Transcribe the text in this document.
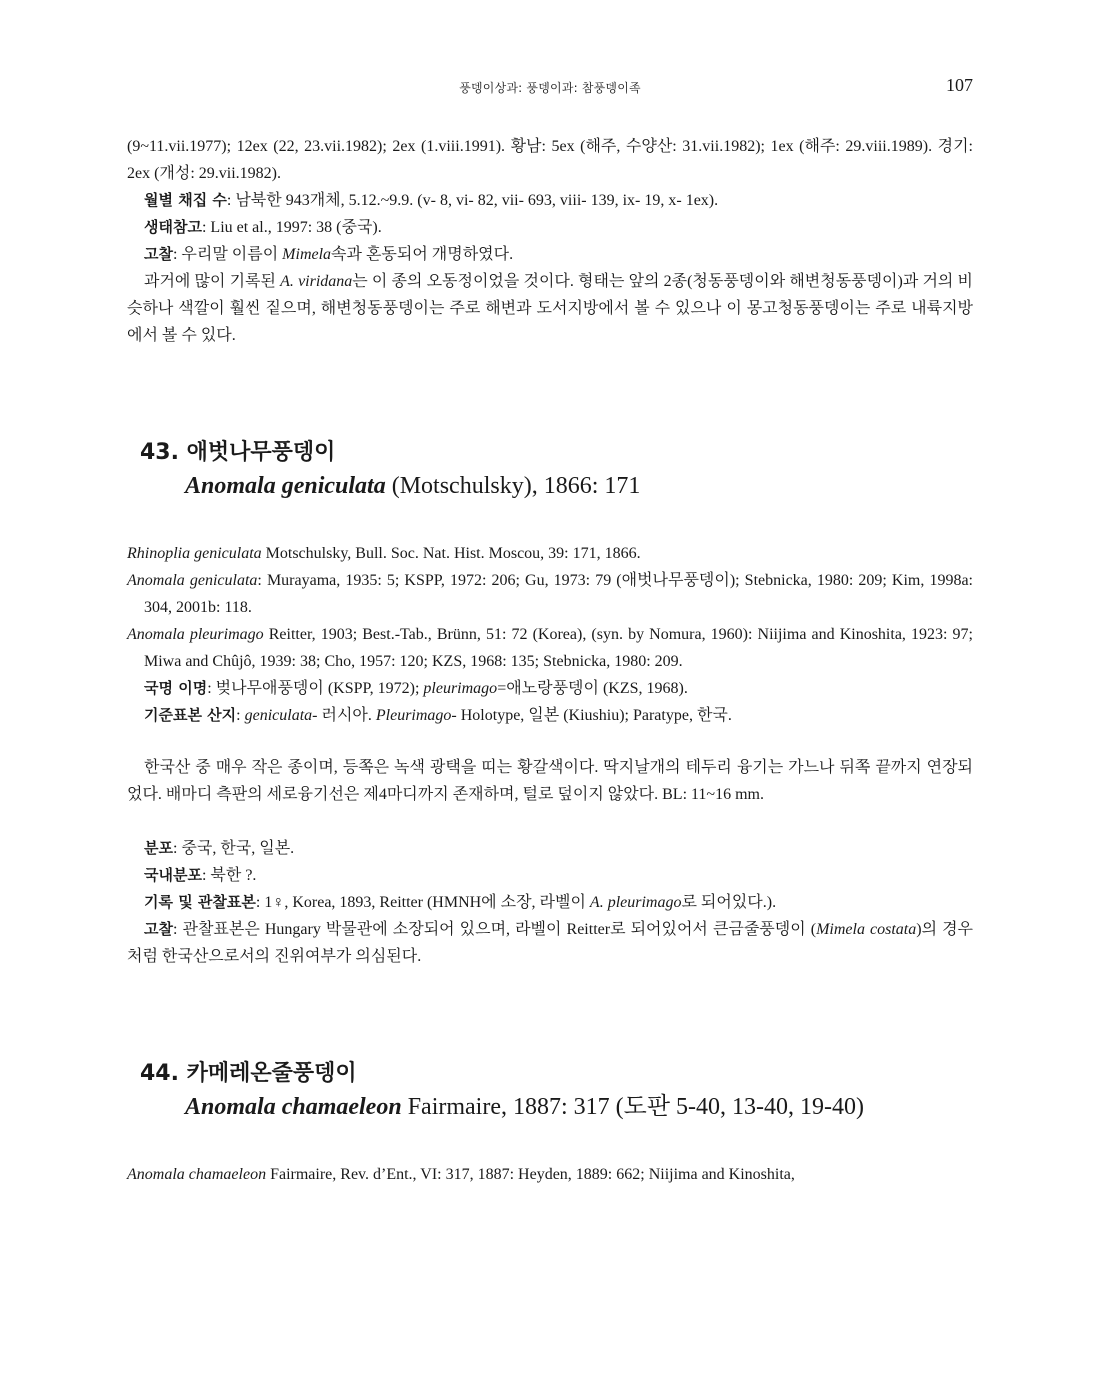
풍뎅이상과: 풍뎅이과: 참풍뎅이족	107

(9~11.vii.1977); 12ex (22, 23.vii.1982); 2ex (1.viii.1991). 황남: 5ex (해주, 수양산: 31.vii.1982); 1ex (해주: 29.viii.1989). 경기: 2ex (개성: 29.vii.1982).

월별 채집 수: 남북한 943개체, 5.12.~9.9. (v- 8, vi- 82, vii- 693, viii- 139, ix- 19, x- 1ex).

생태참고: Liu et al., 1997: 38 (중국).

고찰: 우리말 이름이 Mimela속과 혼동되어 개명하였다.

과거에 많이 기록된 A. viridana는 이 종의 오동정이었을 것이다. 형태는 앞의 2종(청동풍뎅이와 해변청동풍뎅이)과 거의 비슷하나 색깔이 훨씬 짙으며, 해변청동풍뎅이는 주로 해변과 도서지방에서 볼 수 있으나 이 몽고청동풍뎅이는 주로 내륙지방에서 볼 수 있다.

43. 애벗나무풍뎅이
Anomala geniculata (Motschulsky), 1866: 171

Rhinoplia geniculata Motschulsky, Bull. Soc. Nat. Hist. Moscou, 39: 171, 1866.

Anomala geniculata: Murayama, 1935: 5; KSPP, 1972: 206; Gu, 1973: 79 (애벗나무풍뎅이); Stebnicka, 1980: 209; Kim, 1998a: 304, 2001b: 118.

Anomala pleurimago Reitter, 1903; Best.-Tab., Brünn, 51: 72 (Korea), (syn. by Nomura, 1960): Niijima and Kinoshita, 1923: 97; Miwa and Chûjô, 1939: 38; Cho, 1957: 120; KZS, 1968: 135; Stebnicka, 1980: 209.

국명 이명: 벚나무애풍뎅이 (KSPP, 1972); pleurimago=애노랑풍뎅이 (KZS, 1968).

기준표본 산지: geniculata- 러시아. Pleurimago- Holotype, 일본 (Kiushiu); Paratype, 한국.

한국산 중 매우 작은 종이며, 등쪽은 녹색 광택을 띠는 황갈색이다. 딱지날개의 테두리 융기는 가느나 뒤쪽 끝까지 연장되었다. 배마디 측판의 세로융기선은 제4마디까지 존재하며, 털로 덮이지 않았다. BL: 11~16 mm.

분포: 중국, 한국, 일본.

국내분포: 북한 ?.

기록 및 관찰표본: 1♀, Korea, 1893, Reitter (HMNH에 소장, 라벨이 A. pleurimago로 되어있다.).

고찰: 관찰표본은 Hungary 박물관에 소장되어 있으며, 라벨이 Reitter로 되어있어서 큰금줄풍뎅이 (Mimela costata)의 경우처럼 한국산으로서의 진위여부가 의심된다.

44. 카메레온줄풍뎅이
Anomala chamaeleon Fairmaire, 1887: 317 (도판 5-40, 13-40, 19-40)

Anomala chamaeleon Fairmaire, Rev. d’Ent., VI: 317, 1887: Heyden, 1889: 662; Niijima and Kinoshita,
